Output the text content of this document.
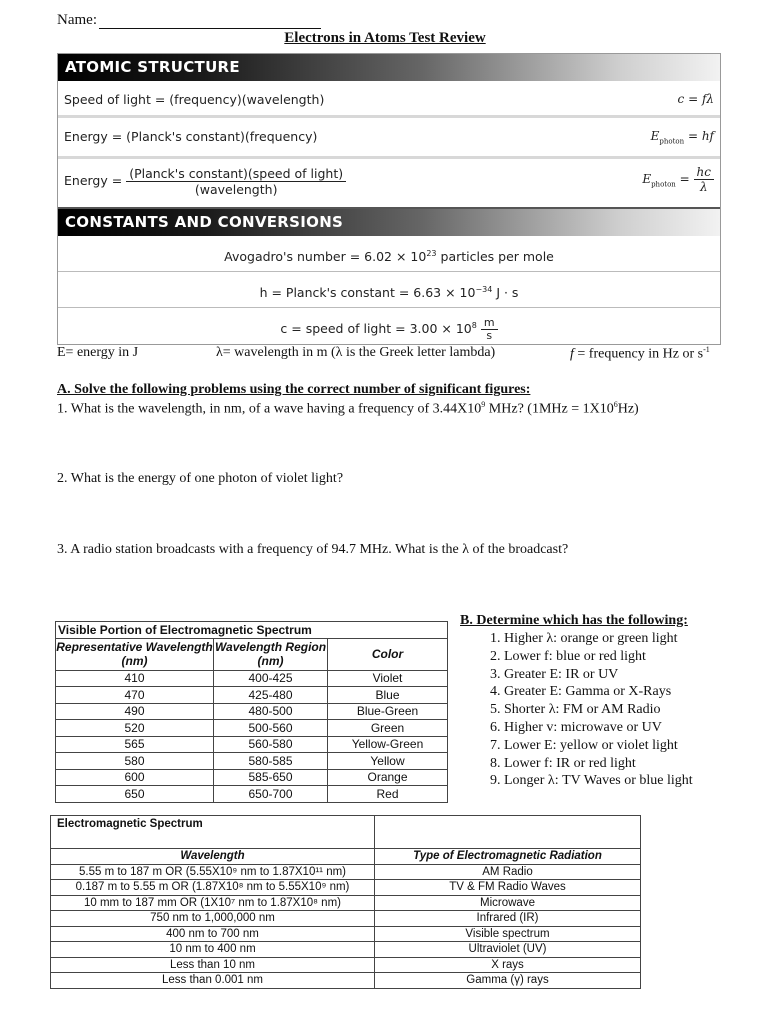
Name:
Electrons in Atoms Test Review
ATOMIC STRUCTURE
Speed of light = (frequency)(wavelength)	c = fλ
Energy = (Planck's constant)(frequency)	$E_{photon}$ = hf
Energy = $\frac{\text{(Planck's constant)(speed of light)}}{\text{(wavelength)}}$	$E_{photon} = \frac{hc}{\lambda}$
CONSTANTS AND CONVERSIONS
Avogadro's number = $6.02 \times 10^{23}$ particles per mole
h = Planck's constant = $6.63 \times 10^{-34}$ J · s
c = speed of light = $3.00 \times 10^8 \frac{m}{s}$
E= energy in J	λ= wavelength in m (λ is the Greek letter lambda)	f = frequency in Hz or $s^{-1}$
A. Solve the following problems using the correct number of significant figures:
1. What is the wavelength, in nm, of a wave having a frequency of $3.44X10^9$ MHz? $(1MHz = 1X10^6Hz)$
2. What is the energy of one photon of violet light?
3. A radio station broadcasts with a frequency of 94.7 MHz. What is the λ of the broadcast?
Visible Portion of Electromagnetic Spectrum		
Representative Wavelength (nm)	Wavelength Region (nm)	Color
410	400-425	Violet
470	425-480	Blue
490	480-500	Blue-Green
520	500-560	Green
565	560-580	Yellow-Green
580	580-585	Yellow
600	585-650	Orange
650	650-700	Red
B. Determine which has the following:
1. Higher λ: orange or green light
2. Lower f: blue or red light
3. Greater E: IR or UV
4. Greater E: Gamma or X-Rays
5. Shorter λ: FM or AM Radio
6. Higher v: microwave or UV
7. Lower E: yellow or violet light
8. Lower f: IR or red light
9. Longer λ: TV Waves or blue light
Electromagnetic Spectrum	
Wavelength	Type of Electromagnetic Radiation
5.55 m to 187 m OR (5.55X10⁹ nm to 1.87X10¹¹ nm)	AM Radio
0.187 m to 5.55 m OR (1.87X10⁸ nm to 5.55X10⁹ nm)	TV & FM Radio Waves
10 mm to 187 mm OR (1X10⁷ nm to 1.87X10⁸ nm)	Microwave
750 nm to 1,000,000 nm	Infrared (IR)
400 nm to 700 nm	Visible spectrum
10 nm to 400 nm	Ultraviolet (UV)
Less than 10 nm	X rays
Less than 0.001 nm	Gamma (γ) rays
